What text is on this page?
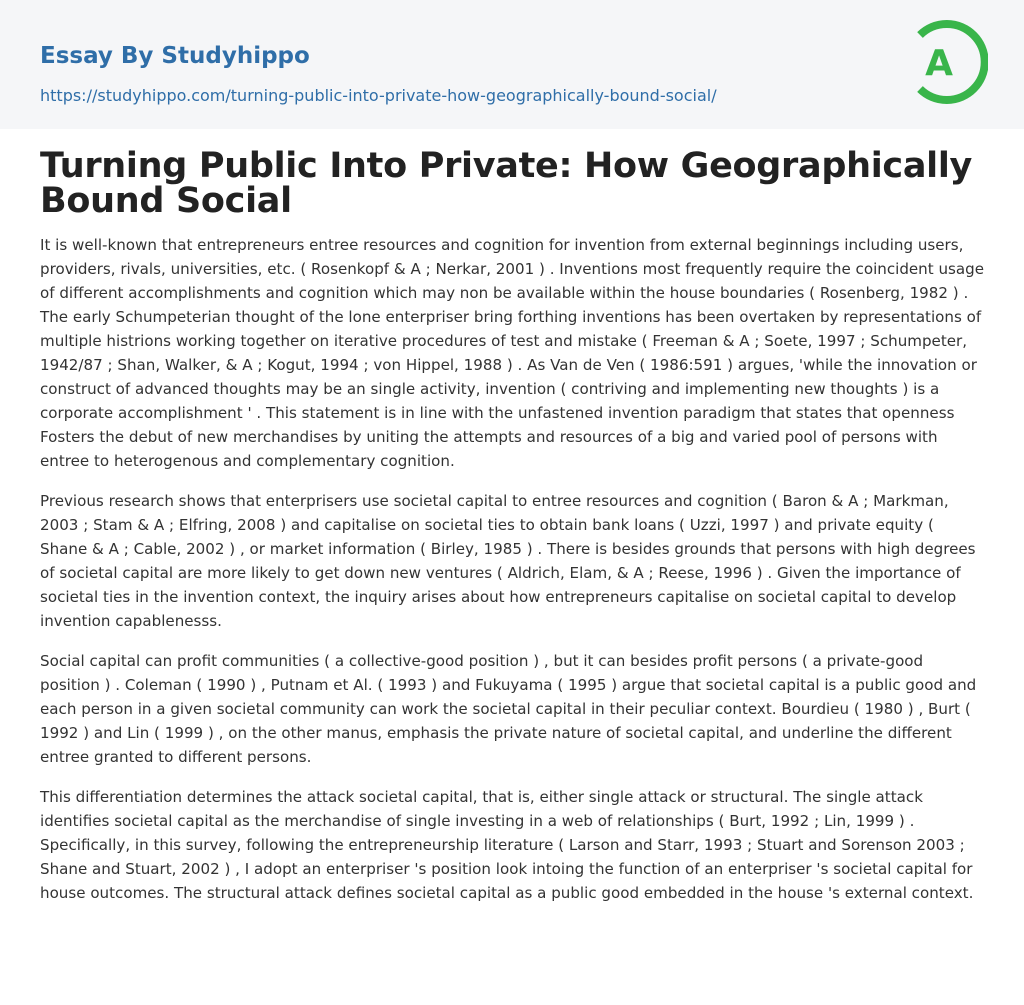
Essay By Studyhippo
https://studyhippo.com/turning-public-into-private-how-geographically-bound-social/
A
Turning Public Into Private: How Geographically Bound Social

It is well-known that entrepreneurs entree resources and cognition for invention from external beginnings including users, providers, rivals, universities, etc. ( Rosenkopf & A ; Nerkar, 2001 ) . Inventions most frequently require the coincident usage of different accomplishments and cognition which may non be available within the house boundaries ( Rosenberg, 1982 ) . The early Schumpeterian thought of the lone enterpriser bring forthing inventions has been overtaken by representations of multiple histrions working together on iterative procedures of test and mistake ( Freeman & A ; Soete, 1997 ; Schumpeter, 1942/87 ; Shan, Walker, & A ; Kogut, 1994 ; von Hippel, 1988 ) . As Van de Ven ( 1986:591 ) argues, 'while the innovation or construct of advanced thoughts may be an single activity, invention ( contriving and implementing new thoughts ) is a corporate accomplishment ' . This statement is in line with the unfastened invention paradigm that states that openness Fosters the debut of new merchandises by uniting the attempts and resources of a big and varied pool of persons with entree to heterogenous and complementary cognition.

Previous research shows that enterprisers use societal capital to entree resources and cognition ( Baron & A ; Markman, 2003 ; Stam & A ; Elfring, 2008 ) and capitalise on societal ties to obtain bank loans ( Uzzi, 1997 ) and private equity ( Shane & A ; Cable, 2002 ) , or market information ( Birley, 1985 ) . There is besides grounds that persons with high degrees of societal capital are more likely to get down new ventures ( Aldrich, Elam, & A ; Reese, 1996 ) . Given the importance of societal ties in the invention context, the inquiry arises about how entrepreneurs capitalise on societal capital to develop invention capablenesss.

Social capital can profit communities ( a collective-good position ) , but it can besides profit persons ( a private-good position ) . Coleman ( 1990 ) , Putnam et Al. ( 1993 ) and Fukuyama ( 1995 ) argue that societal capital is a public good and each person in a given societal community can work the societal capital in their peculiar context. Bourdieu ( 1980 ) , Burt ( 1992 ) and Lin ( 1999 ) , on the other manus, emphasis the private nature of societal capital, and underline the different entree granted to different persons.

This differentiation determines the attack societal capital, that is, either single attack or structural. The single attack identifies societal capital as the merchandise of single investing in a web of relationships ( Burt, 1992 ; Lin, 1999 ) . Specifically, in this survey, following the entrepreneurship literature ( Larson and Starr, 1993 ; Stuart and Sorenson 2003 ; Shane and Stuart, 2002 ) , I adopt an enterpriser 's position look intoing the function of an enterpriser 's societal capital for house outcomes. The structural attack defines societal capital as a public good embedded in the house 's external context.
